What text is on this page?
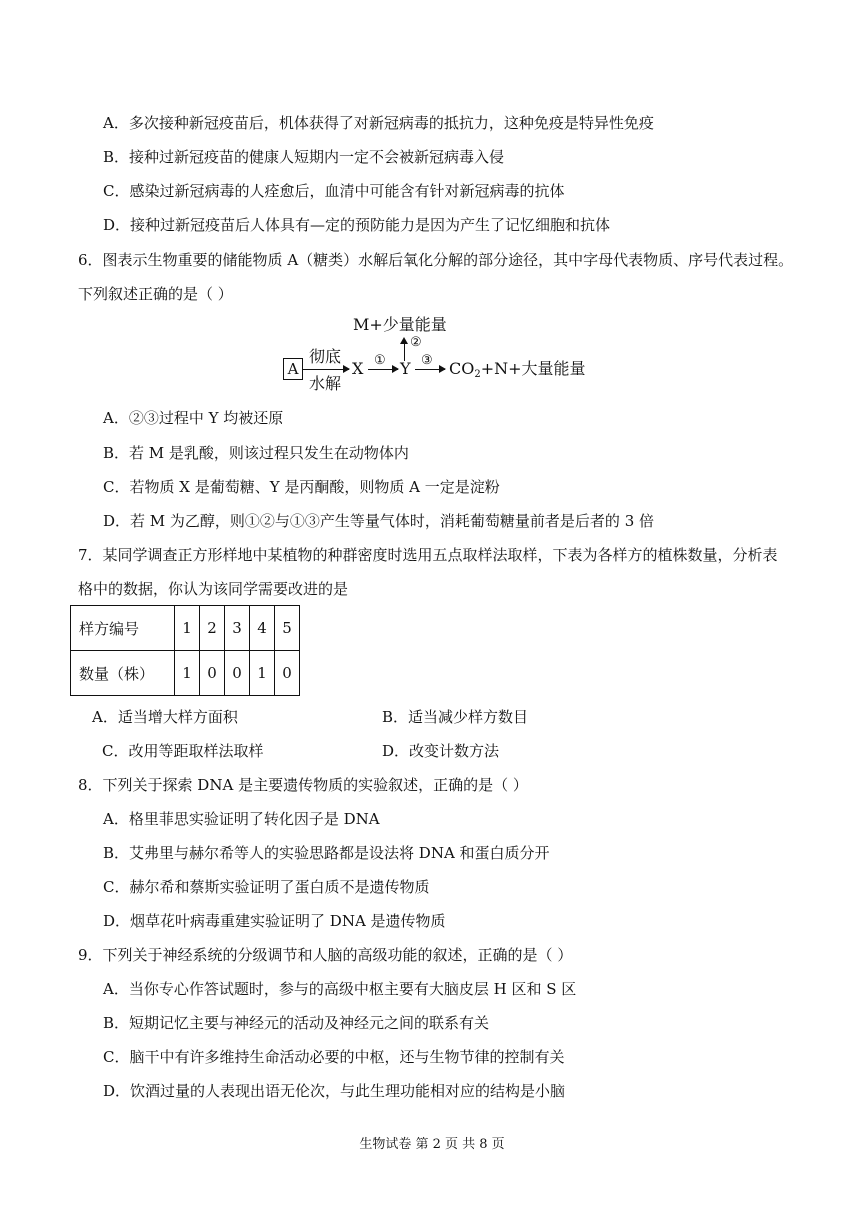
A．多次接种新冠疫苗后，机体获得了对新冠病毒的抵抗力，这种免疫是特异性免疫
B．接种过新冠疫苗的健康人短期内一定不会被新冠病毒入侵
C．感染过新冠病毒的人痊愈后，血清中可能含有针对新冠病毒的抗体
D．接种过新冠疫苗后人体具有—定的预防能力是因为产生了记忆细胞和抗体
6．图表示生物重要的储能物质 A（糖类）水解后氧化分解的部分途径，其中字母代表物质、序号代表过程。
下列叙述正确的是（ ）
M+少量能量
②
A
彻底
水解
X ① Y ③ $CO_2+N+$大量能量
A．②③过程中 Y 均被还原
B．若 M 是乳酸，则该过程只发生在动物体内
C．若物质 X 是葡萄糖、Y 是丙酮酸，则物质 A 一定是淀粉
D．若 M 为乙醇，则①②与①③产生等量气体时，消耗葡萄糖量前者是后者的 3 倍
7．某同学调查正方形样地中某植物的种群密度时选用五点取样法取样，下表为各样方的植株数量，分析表
格中的数据，你认为该同学需要改进的是
样方编号	1	2	3	4	5
数量（株）	1	0	0	1	0
A．适当增大样方面积	B．适当减少样方数目
C．改用等距取样法取样	D．改变计数方法
8．下列关于探索 DNA 是主要遗传物质的实验叙述，正确的是（ ）
A．格里菲思实验证明了转化因子是 DNA
B．艾弗里与赫尔希等人的实验思路都是设法将 DNA 和蛋白质分开
C．赫尔希和蔡斯实验证明了蛋白质不是遗传物质
D．烟草花叶病毒重建实验证明了 DNA 是遗传物质
9．下列关于神经系统的分级调节和人脑的高级功能的叙述，正确的是（ ）
A．当你专心作答试题时，参与的高级中枢主要有大脑皮层 H 区和 S 区
B．短期记忆主要与神经元的活动及神经元之间的联系有关
C．脑干中有许多维持生命活动必要的中枢，还与生物节律的控制有关
D．饮酒过量的人表现出语无伦次，与此生理功能相对应的结构是小脑
生物试卷 第 2 页 共 8 页
